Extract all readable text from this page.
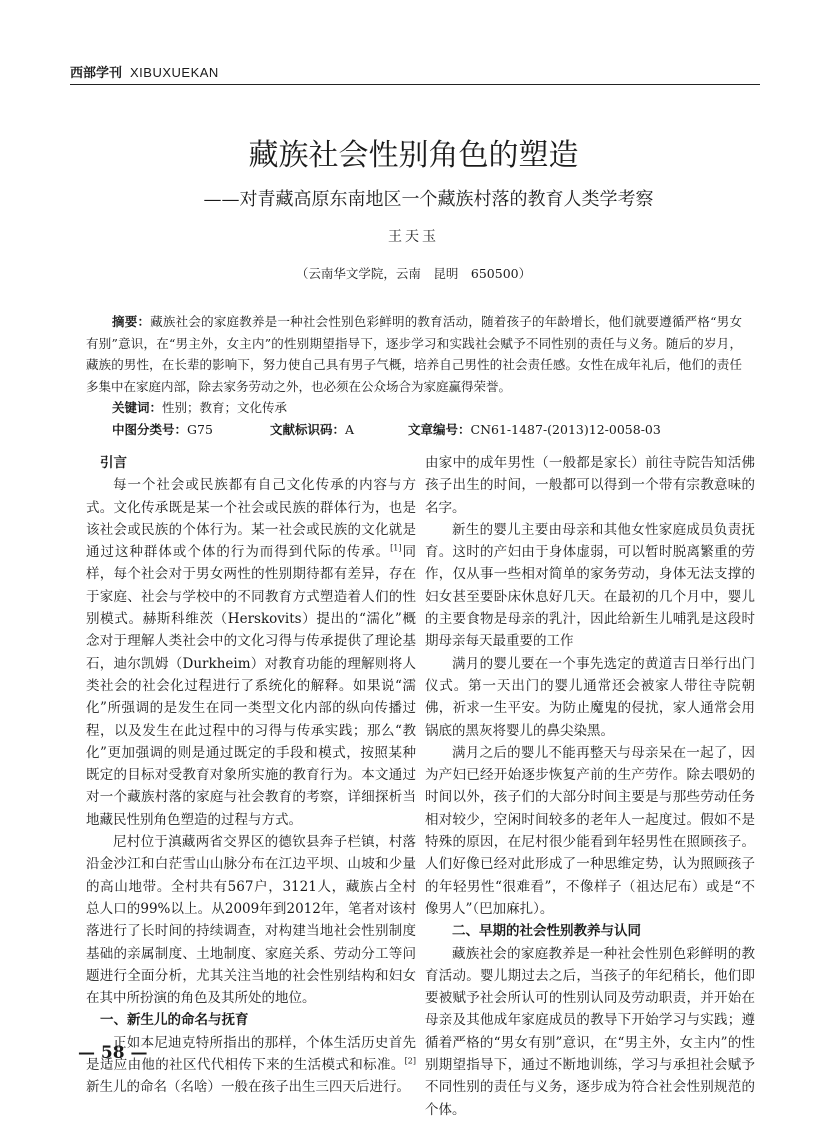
西部学刊 XIBUXUEKAN
藏族社会性别角色的塑造
——对青藏高原东南地区一个藏族村落的教育人类学考察
王天玉
（云南华文学院，云南　昆明　650500）

摘要：藏族社会的家庭教养是一种社会性别色彩鲜明的教育活动，随着孩子的年龄增长，他们就要遵循严格“男女有别”意识，在“男主外，女主内”的性别期望指导下，逐步学习和实践社会赋予不同性别的责任与义务。随后的岁月，藏族的男性，在长辈的影响下，努力使自己具有男子气概，培养自己男性的社会责任感。女性在成年礼后，他们的责任多集中在家庭内部，除去家务劳动之外，也必须在公众场合为家庭赢得荣誉。

关键词：性别；教育；文化传承

中图分类号：G75	文献标识码：A	文章编号：CN61-1487-(2013)12-0058-03
引言

每一个社会或民族都有自己文化传承的内容与方式。文化传承既是某一个社会或民族的群体行为，也是该社会或民族的个体行为。某一社会或民族的文化就是通过这种群体或个体的行为而得到代际的传承。[1]同样，每个社会对于男女两性的性别期待都有差异，存在于家庭、社会与学校中的不同教育方式塑造着人们的性别模式。赫斯科维茨（Herskovits）提出的“濡化”概念对于理解人类社会中的文化习得与传承提供了理论基石，迪尔凯姆（Durkheim）对教育功能的理解则将人类社会的社会化过程进行了系统化的解释。如果说“濡化”所强调的是发生在同一类型文化内部的纵向传播过程，以及发生在此过程中的习得与传承实践；那么“教化”更加强调的则是通过既定的手段和模式，按照某种既定的目标对受教育对象所实施的教育行为。本文通过对一个藏族村落的家庭与社会教育的考察，详细探析当地藏民性别角色塑造的过程与方式。

尼村位于滇藏两省交界区的德钦县奔子栏镇，村落沿金沙江和白茫雪山山脉分布在江边平坝、山坡和少量的高山地带。全村共有567户，3121人，藏族占全村总人口的99%以上。从2009年到2012年，笔者对该村落进行了长时间的持续调查，对构建当地社会性别制度基础的亲属制度、土地制度、家庭关系、劳动分工等问题进行全面分析，尤其关注当地的社会性别结构和妇女在其中所扮演的角色及其所处的地位。

一、新生儿的命名与抚育

正如本尼迪克特所指出的那样，个体生活历史首先是适应由他的社区代代相传下来的生活模式和标准。[2]新生儿的命名（名啥）一般在孩子出生三四天后进行。

由家中的成年男性（一般都是家长）前往寺院告知活佛孩子出生的时间，一般都可以得到一个带有宗教意味的名字。

新生的婴儿主要由母亲和其他女性家庭成员负责抚育。这时的产妇由于身体虚弱，可以暂时脱离繁重的劳作，仅从事一些相对简单的家务劳动，身体无法支撑的妇女甚至要卧床休息好几天。在最初的几个月中，婴儿的主要食物是母亲的乳汁，因此给新生儿哺乳是这段时期母亲每天最重要的工作

满月的婴儿要在一个事先选定的黄道吉日举行出门仪式。第一天出门的婴儿通常还会被家人带往寺院朝佛，祈求一生平安。为防止魔鬼的侵扰，家人通常会用锅底的黑灰将婴儿的鼻尖染黑。

满月之后的婴儿不能再整天与母亲呆在一起了，因为产妇已经开始逐步恢复产前的生产劳作。除去喂奶的时间以外，孩子们的大部分时间主要是与那些劳动任务相对较少，空闲时间较多的老年人一起度过。假如不是特殊的原因，在尼村很少能看到年轻男性在照顾孩子。人们好像已经对此形成了一种思维定势，认为照顾孩子的年轻男性“很难看”，不像样子（祖达尼布）或是“不像男人”（巴加麻扎）。

二、早期的社会性别教养与认同

藏族社会的家庭教养是一种社会性别色彩鲜明的教育活动。婴儿期过去之后，当孩子的年纪稍长，他们即要被赋予社会所认可的性别认同及劳动职责，并开始在母亲及其他成年家庭成员的教导下开始学习与实践；遵循着严格的“男女有别”意识，在“男主外，女主内”的性别期望指导下，通过不断地训练，学习与承担社会赋予不同性别的责任与义务，逐步成为符合社会性别规范的个体。

— 58 —
